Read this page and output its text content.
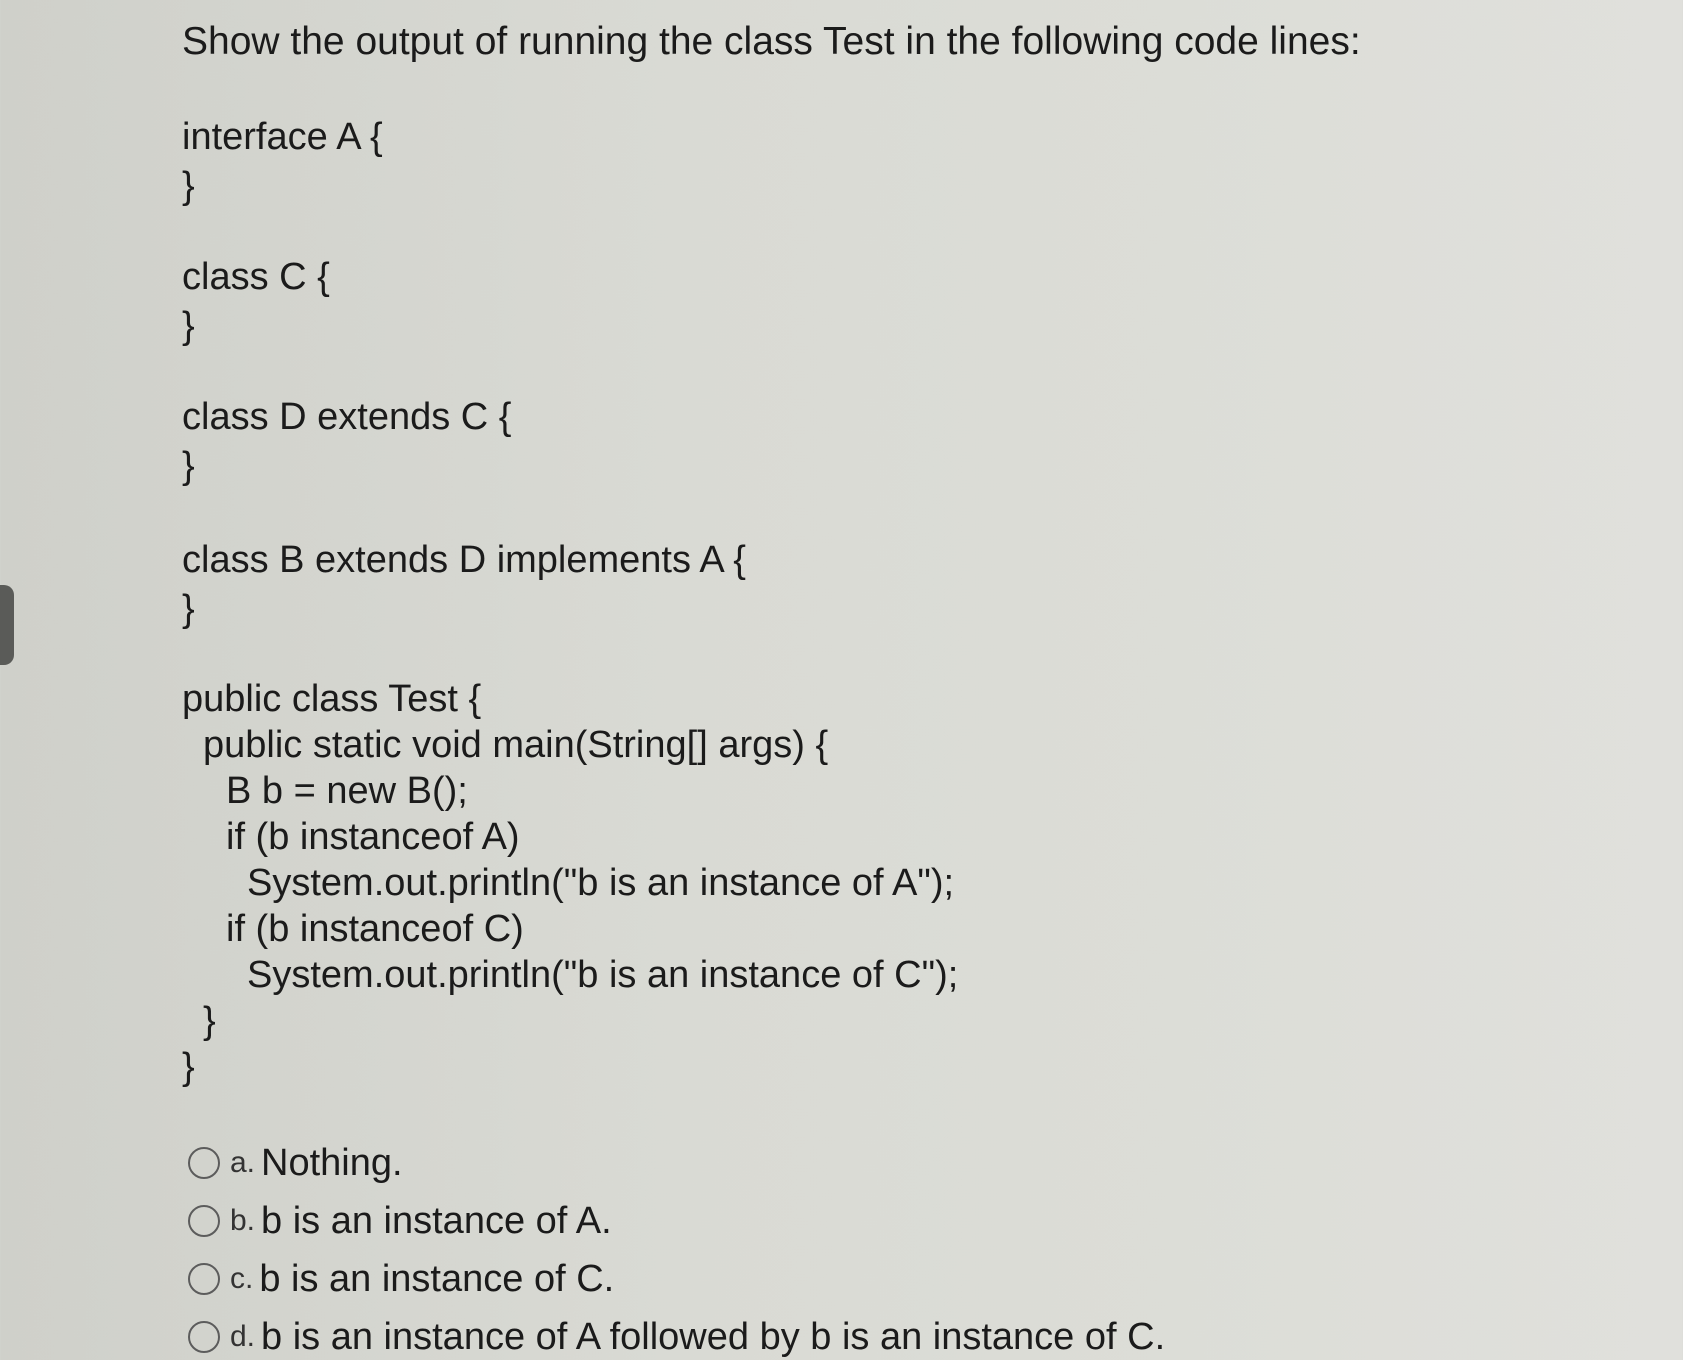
Show the output of running the class Test in the following code lines:
interface A {
}
class C {
}
class D extends C {
}
class B extends D implements A {
}
public class Test {
public static void main(String[] args) {
B b = new B();
if (b instanceof A)
System.out.println("b is an instance of A");
if (b instanceof C)
System.out.println("b is an instance of C");
}
}
a. Nothing.
b. b is an instance of A.
c. b is an instance of C.
d. b is an instance of A followed by b is an instance of C.
